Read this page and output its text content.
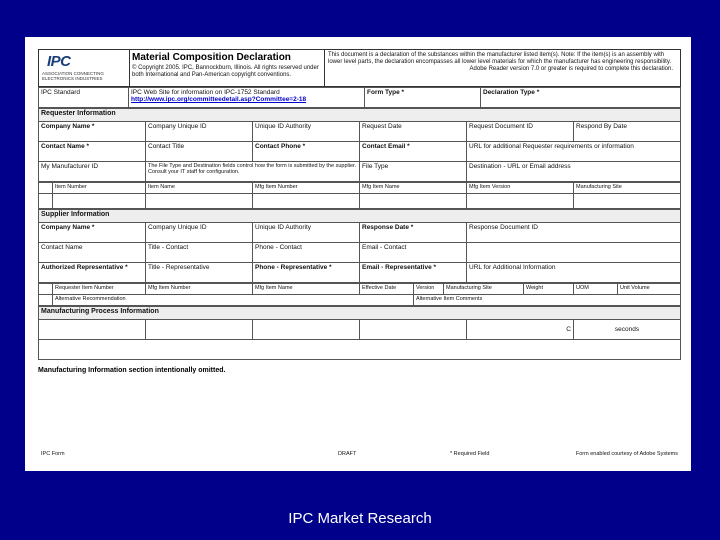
IPC
ASSOCIATION CONNECTING ELECTRONICS INDUSTRIES
Material Composition Declaration
© Copyright 2005. IPC, Bannockburn, Illinois. All rights reserved under both International and Pan-American copyright conventions.
This document is a declaration of the substances within the manufacturer listed item(s). Note: If the item(s) is an assembly with lower level parts, the declaration encompasses all lower level materials for which the manufacturer has engineering responsibility.
Adobe Reader version 7.0 or greater is required to complete this declaration.
IPC Standard	IPC Web Site for information on IPC-1752 Standard
http://www.ipc.org/committeedetail.asp?Committee=2-18
	Form Type *	Declaration Type *
Requester Information					
Company Name *	Company Unique ID	Unique ID Authority	Request Date	Request Document ID	Respond By Date
Contact Name *	Contact Title	Contact Phone *	Contact Email *	URL for additional Requester requirements or information	
My Manufacturer ID	The File Type and Destination fields control how the form is submitted by the supplier. Consult your IT staff for configuration.		File Type	Destination - URL or Email address	
	Item Number	Item Name	Mfg Item Number	Mfg Item Name	Mfg Item Version	Manufacturing Site

Supplier Information				
Company Name *	Company Unique ID	Unique ID Authority	Response Date *	Response Document ID
Contact Name	Title - Contact	Phone - Contact	Email - Contact	
Authorized Representative *	Title - Representative	Phone - Representative *	Email - Representative *	URL for Additional Information
	Requester Item Number	Mfg Item Number	Mfg Item Name	Effective Date	Version	Manufacturing Site	Weight	UOM	Unit Volume
	Alternative Recommendation				Alternative Item Comments				
Manufacturing Process Information
				C	seconds

Manufacturing Information section intentionally omitted.
IPC Form	DRAFT	* Required Field	Form enabled courtesy of Adobe Systems
IPC Market Research
